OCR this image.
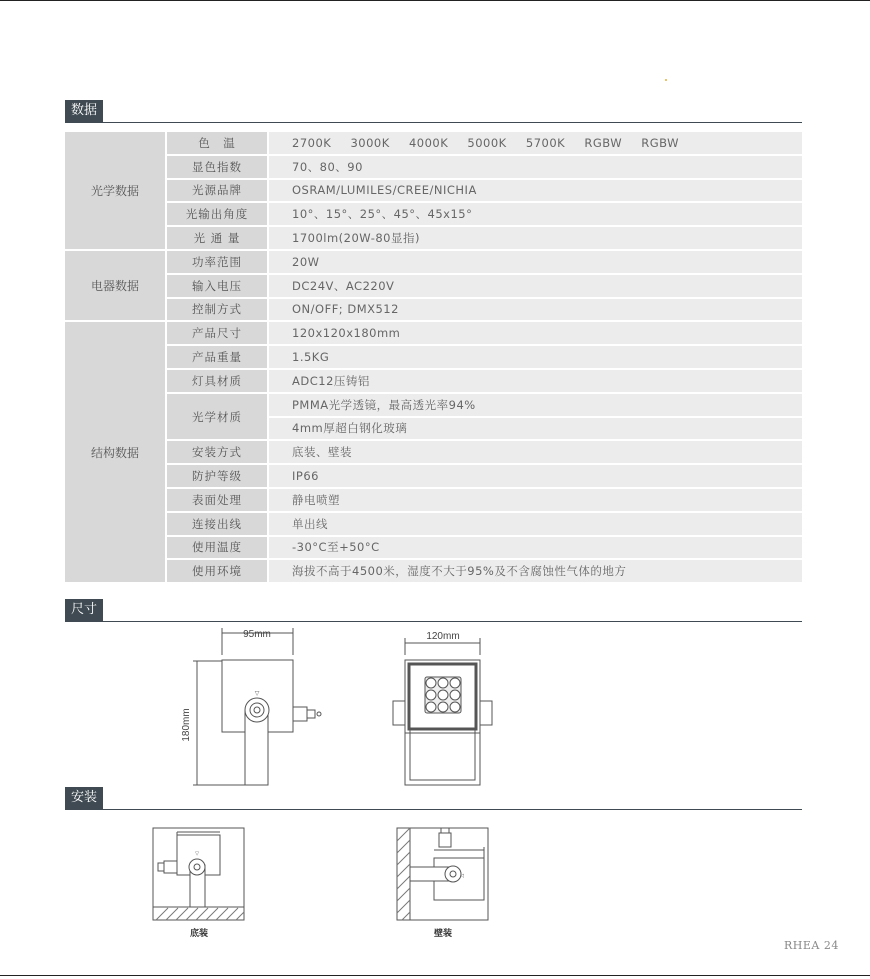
数据
光学数据	色　温	2700K 3000K 4000K 5000K 5700K RGBW RGBW
	显色指数	70、80、90
	光源品牌	OSRAM/LUMILES/CREE/NICHIA
	光输出角度	10°、15°、25°、45°、45x15°
	光 通 量	1700lm(20W-80显指)
电器数据	功率范围	20W
	输入电压	DC24V、AC220V
	控制方式	ON/OFF; DMX512
结构数据	产品尺寸	120x120x180mm
	产品重量	1.5KG
	灯具材质	ADC12压铸铝
	光学材质	PMMA光学透镜，最高透光率94%
		4mm厚超白钢化玻璃
	安装方式	底装、壁装
	防护等级	IP66
	表面处理	静电喷塑
	连接出线	单出线
	使用温度	-30°C至+50°C
	使用环境	海拔不高于4500米，湿度不大于95%及不含腐蚀性气体的地方
尺寸
▽
95mm
180mm
120mm
安装
▽
底装
◁
壁装
RHEA 24
